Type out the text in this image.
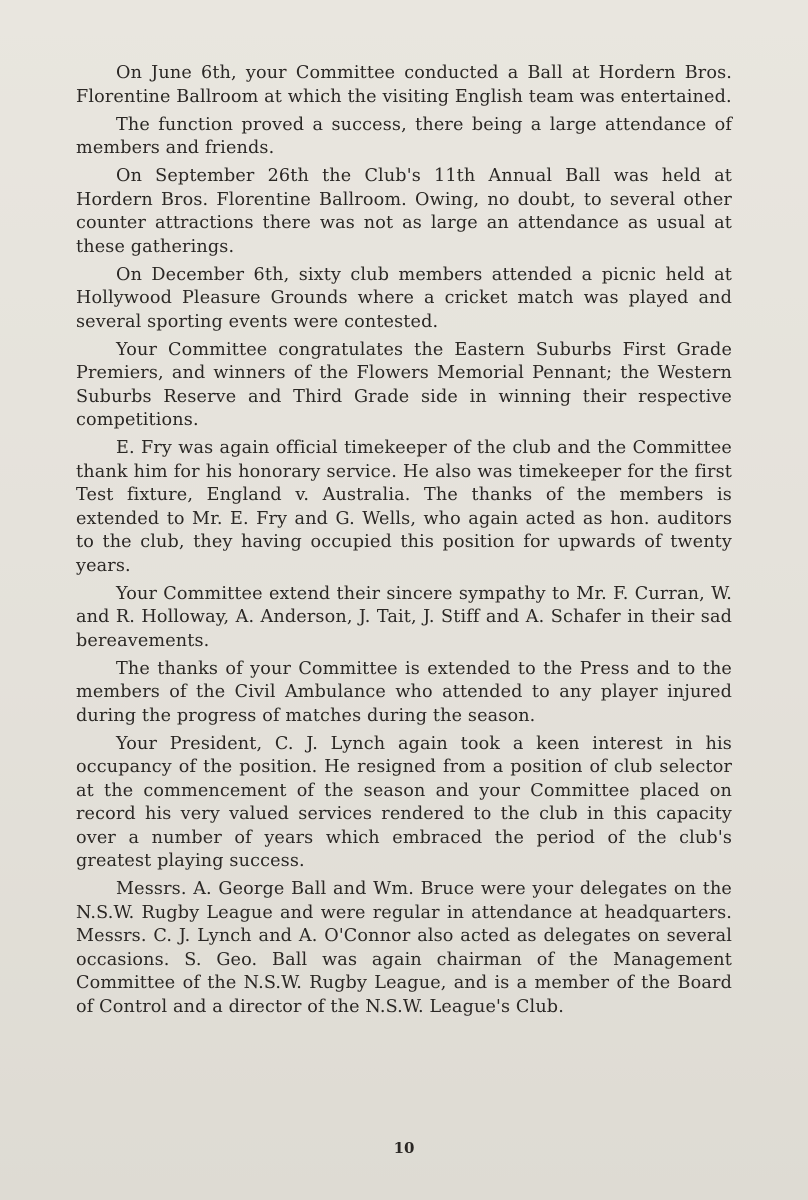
On June 6th, your Committee conducted a Ball at Hordern Bros. Florentine Ballroom at which the visiting English team was entertained.

The function proved a success, there being a large attendance of members and friends.

On September 26th the Club's 11th Annual Ball was held at Hordern Bros. Florentine Ballroom. Owing, no doubt, to several other counter attractions there was not as large an attendance as usual at these gatherings.

On December 6th, sixty club members attended a picnic held at Hollywood Pleasure Grounds where a cricket match was played and several sporting events were contested.

Your Committee congratulates the Eastern Suburbs First Grade Premiers, and winners of the Flowers Memorial Pennant; the Western Suburbs Reserve and Third Grade side in winning their respective competitions.

E. Fry was again official timekeeper of the club and the Committee thank him for his honorary service. He also was timekeeper for the first Test fixture, England v. Australia. The thanks of the members is extended to Mr. E. Fry and G. Wells, who again acted as hon. auditors to the club, they having occupied this position for upwards of twenty years.

Your Committee extend their sincere sympathy to Mr. F. Curran, W. and R. Holloway, A. Anderson, J. Tait, J. Stiff and A. Schafer in their sad bereavements.

The thanks of your Committee is extended to the Press and to the members of the Civil Ambulance who attended to any player injured during the progress of matches during the season.

Your President, C. J. Lynch again took a keen interest in his occupancy of the position. He resigned from a position of club selector at the commencement of the season and your Committee placed on record his very valued services rendered to the club in this capacity over a number of years which embraced the period of the club's greatest playing success.

Messrs. A. George Ball and Wm. Bruce were your delegates on the N.S.W. Rugby League and were regular in attendance at headquarters. Messrs. C. J. Lynch and A. O'Connor also acted as delegates on several occasions. S. Geo. Ball was again chairman of the Management Committee of the N.S.W. Rugby League, and is a member of the Board of Control and a director of the N.S.W. League's Club.

10
